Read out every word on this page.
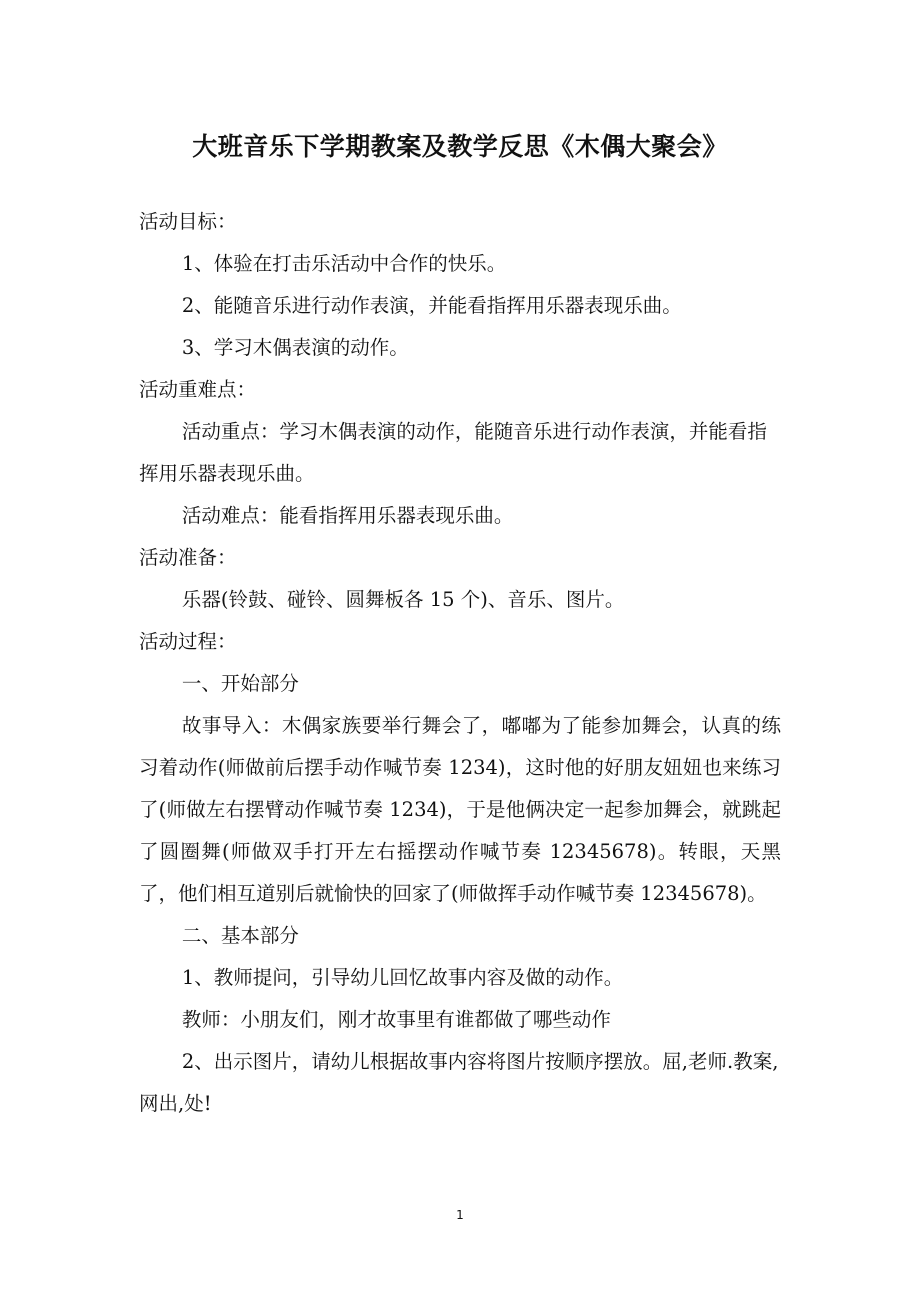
大班音乐下学期教案及教学反思《木偶大聚会》

活动目标：

1、体验在打击乐活动中合作的快乐。

2、能随音乐进行动作表演，并能看指挥用乐器表现乐曲。

3、学习木偶表演的动作。

活动重难点：

活动重点：学习木偶表演的动作，能随音乐进行动作表演，并能看指挥用乐器表现乐曲。

活动难点：能看指挥用乐器表现乐曲。

活动准备：

乐器(铃鼓、碰铃、圆舞板各 15 个)、音乐、图片。

活动过程：

一、开始部分

故事导入：木偶家族要举行舞会了，嘟嘟为了能参加舞会，认真的练习着动作(师做前后摆手动作喊节奏 1234)，这时他的好朋友妞妞也来练习了(师做左右摆臂动作喊节奏 1234)，于是他俩决定一起参加舞会，就跳起了圆圈舞(师做双手打开左右摇摆动作喊节奏 12345678)。转眼，天黑了，他们相互道别后就愉快的回家了(师做挥手动作喊节奏 12345678)。

二、基本部分

1、教师提问，引导幼儿回忆故事内容及做的动作。

教师：小朋友们，刚才故事里有谁都做了哪些动作

2、出示图片，请幼儿根据故事内容将图片按顺序摆放。屈,老师.教案,网出,处!

1
